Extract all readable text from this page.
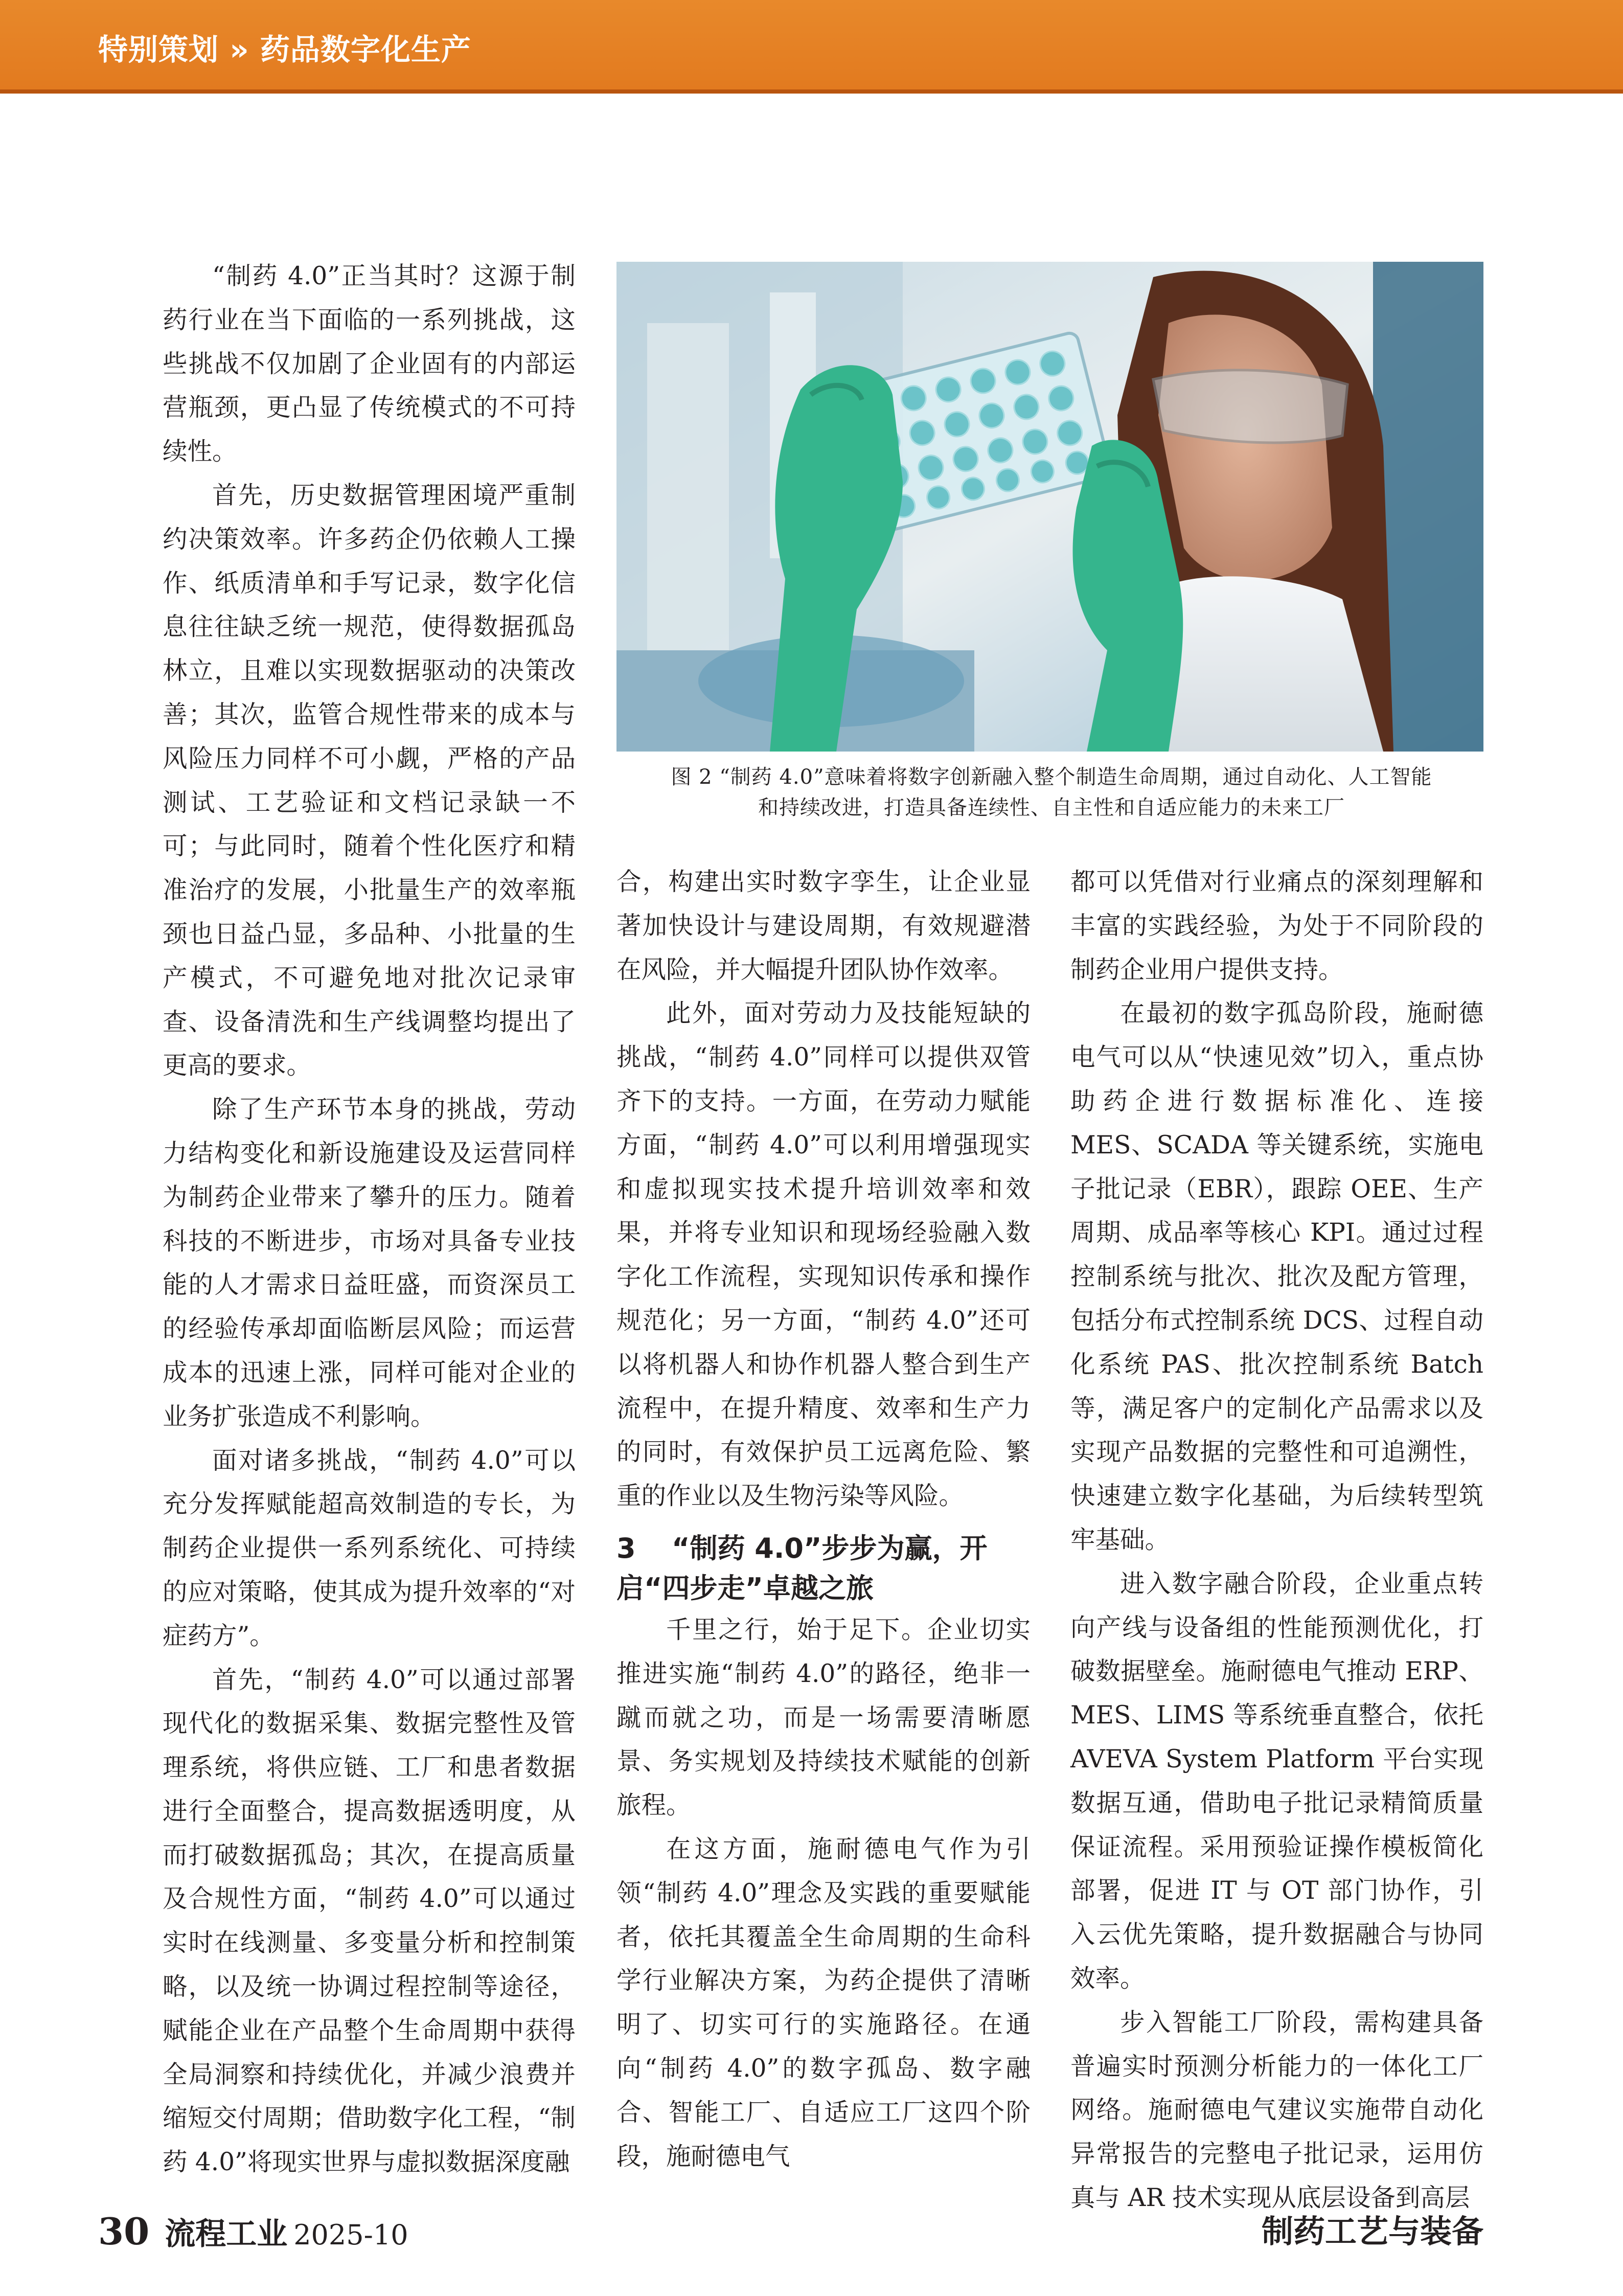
特别策划 » 药品数字化生产

“制药 4.0”正当其时？这源于制药行业在当下面临的一系列挑战，这些挑战不仅加剧了企业固有的内部运营瓶颈，更凸显了传统模式的不可持续性。

首先，历史数据管理困境严重制约决策效率。许多药企仍依赖人工操作、纸质清单和手写记录，数字化信息往往缺乏统一规范，使得数据孤岛林立，且难以实现数据驱动的决策改善；其次，监管合规性带来的成本与风险压力同样不可小觑，严格的产品测试、工艺验证和文档记录缺一不可；与此同时，随着个性化医疗和精准治疗的发展，小批量生产的效率瓶颈也日益凸显，多品种、小批量的生产模式，不可避免地对批次记录审查、设备清洗和生产线调整均提出了更高的要求。

除了生产环节本身的挑战，劳动力结构变化和新设施建设及运营同样为制药企业带来了攀升的压力。随着科技的不断进步，市场对具备专业技能的人才需求日益旺盛，而资深员工的经验传承却面临断层风险；而运营成本的迅速上涨，同样可能对企业的业务扩张造成不利影响。

面对诸多挑战，“制药 4.0”可以充分发挥赋能超高效制造的专长，为制药企业提供一系列系统化、可持续的应对策略，使其成为提升效率的“对症药方”。

首先，“制药 4.0”可以通过部署现代化的数据采集、数据完整性及管理系统，将供应链、工厂和患者数据进行全面整合，提高数据透明度，从而打破数据孤岛；其次，在提高质量及合规性方面，“制药 4.0”可以通过实时在线测量、多变量分析和控制策略，以及统一协调过程控制等途径，赋能企业在产品整个生命周期中获得全局洞察和持续优化，并减少浪费并缩短交付周期；借助数字化工程，“制药 4.0”将现实世界与虚拟数据深度融

图 2 “制药 4.0”意味着将数字创新融入整个制造生命周期，通过自动化、人工智能
和持续改进，打造具备连续性、自主性和自适应能力的未来工厂

合，构建出实时数字孪生，让企业显著加快设计与建设周期，有效规避潜在风险，并大幅提升团队协作效率。

此外，面对劳动力及技能短缺的挑战，“制药 4.0”同样可以提供双管齐下的支持。一方面，在劳动力赋能方面，“制药 4.0”可以利用增强现实和虚拟现实技术提升培训效率和效果，并将专业知识和现场经验融入数字化工作流程，实现知识传承和操作规范化；另一方面，“制药 4.0”还可以将机器人和协作机器人整合到生产流程中，在提升精度、效率和生产力的同时，有效保护员工远离危险、繁重的作业以及生物污染等风险。

3 “制药 4.0”步步为赢，开启“四步走”卓越之旅

千里之行，始于足下。企业切实推进实施“制药 4.0”的路径，绝非一蹴而就之功，而是一场需要清晰愿景、务实规划及持续技术赋能的创新旅程。

在这方面，施耐德电气作为引领“制药 4.0”理念及实践的重要赋能者，依托其覆盖全生命周期的生命科学行业解决方案，为药企提供了清晰明了、切实可行的实施路径。在通向“制药 4.0”的数字孤岛、数字融合、智能工厂、自适应工厂这四个阶段，施耐德电气

都可以凭借对行业痛点的深刻理解和丰富的实践经验，为处于不同阶段的制药企业用户提供支持。

在最初的数字孤岛阶段，施耐德电气可以从“快速见效”切入，重点协助药企进行数据标准化、连接 MES、SCADA 等关键系统，实施电子批记录（EBR），跟踪 OEE、生产周期、成品率等核心 KPI。通过过程控制系统与批次、批次及配方管理，包括分布式控制系统 DCS、过程自动化系统 PAS、批次控制系统 Batch 等，满足客户的定制化产品需求以及实现产品数据的完整性和可追溯性，快速建立数字化基础，为后续转型筑牢基础。

进入数字融合阶段，企业重点转向产线与设备组的性能预测优化，打破数据壁垒。施耐德电气推动 ERP、MES、LIMS 等系统垂直整合，依托 AVEVA System Platform 平台实现数据互通，借助电子批记录精简质量保证流程。采用预验证操作模板简化部署，促进 IT 与 OT 部门协作，引入云优先策略，提升数据融合与协同效率。

步入智能工厂阶段，需构建具备普遍实时预测分析能力的一体化工厂网络。施耐德电气建议实施带自动化异常报告的完整电子批记录，运用仿真与 AR 技术实现从底层设备到高层

30 流程工业 2025-10	制药工艺与装备
